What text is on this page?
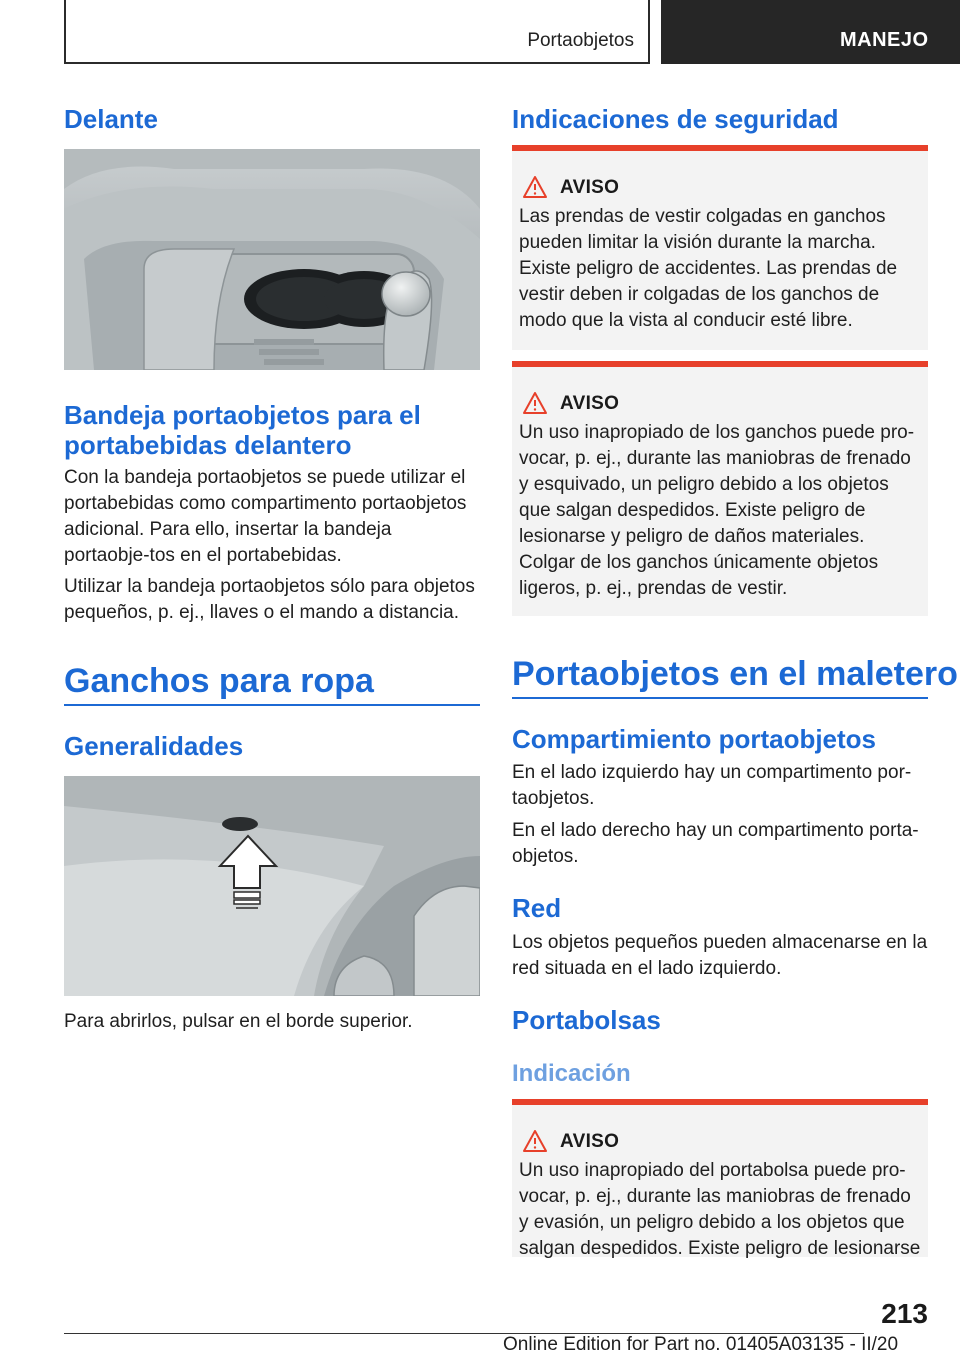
Portaobjetos	MANEJO
Delante
Bandeja portaobjetos para el portabebidas delantero

Con la bandeja portaobjetos se puede utilizar el portabebidas como compartimento portaobjetos adicional. Para ello, insertar la bandeja portaobje-tos en el portabebidas.

Utilizar la bandeja portaobjetos sólo para objetos pequeños, p. ej., llaves o el mando a distancia.

Ganchos para ropa
Generalidades

Para abrirlos, pulsar en el borde superior.

Indicaciones de seguridad
AVISO

Las prendas de vestir colgadas en ganchos pueden limitar la visión durante la marcha. Existe peligro de accidentes. Las prendas de vestir deben ir colgadas de los ganchos de modo que la vista al conducir esté libre.

AVISO

Un uso inapropiado de los ganchos puede pro-vocar, p. ej., durante las maniobras de frenado y esquivado, un peligro debido a los objetos que salgan despedidos. Existe peligro de lesionarse y peligro de daños materiales. Colgar de los ganchos únicamente objetos ligeros, p. ej., prendas de vestir.

Portaobjetos en el maletero
Compartimiento portaobjetos

En el lado izquierdo hay un compartimento por-taobjetos.

En el lado derecho hay un compartimento porta-objetos.

Red

Los objetos pequeños pueden almacenarse en la red situada en el lado izquierdo.

Portabolsas
Indicación
AVISO

Un uso inapropiado del portabolsa puede pro-vocar, p. ej., durante las maniobras de frenado y evasión, un peligro debido a los objetos que salgan despedidos. Existe peligro de lesionarse

213
Online Edition for Part no. 01405A03135 - II/20
